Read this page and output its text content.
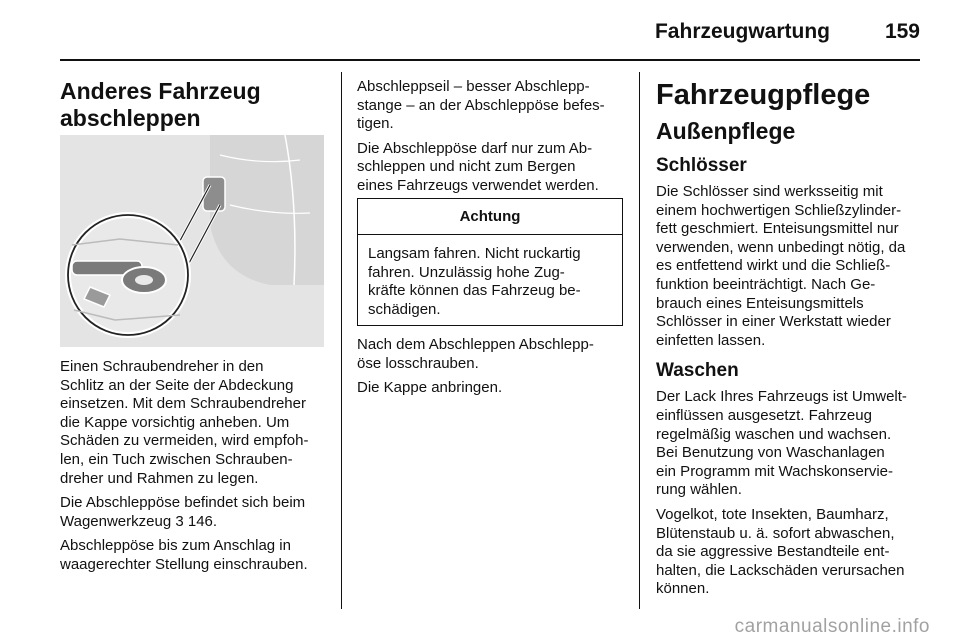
Fahrzeugwartung	159
Anderes Fahrzeug
abschleppen
Einen Schraubendreher in den
Schlitz an der Seite der Abdeckung
einsetzen. Mit dem Schraubendreher
die Kappe vorsichtig anheben. Um
Schäden zu vermeiden, wird empfoh-
len, ein Tuch zwischen Schrauben-
dreher und Rahmen zu legen.
Die Abschleppöse befindet sich beim
Wagenwerkzeug 3 146.
Abschleppöse bis zum Anschlag in
waagerechter Stellung einschrauben.
Abschleppseil – besser Abschlepp-
stange – an der Abschleppöse befes-
tigen.
Die Abschleppöse darf nur zum Ab-
schleppen und nicht zum Bergen
eines Fahrzeugs verwendet werden.
Achtung
Langsam fahren. Nicht ruckartig
fahren. Unzulässig hohe Zug-
kräfte können das Fahrzeug be-
schädigen.
Nach dem Abschleppen Abschlepp-
öse losschrauben.
Die Kappe anbringen.
Fahrzeugpflege
Außenpflege
Schlösser
Die Schlösser sind werksseitig mit
einem hochwertigen Schließzylinder-
fett geschmiert. Enteisungsmittel nur
verwenden, wenn unbedingt nötig, da
es entfettend wirkt und die Schließ-
funktion beeinträchtigt. Nach Ge-
brauch eines Enteisungsmittels
Schlösser in einer Werkstatt wieder
einfetten lassen.
Waschen
Der Lack Ihres Fahrzeugs ist Umwelt-
einflüssen ausgesetzt. Fahrzeug
regelmäßig waschen und wachsen.
Bei Benutzung von Waschanlagen
ein Programm mit Wachskonservie-
rung wählen.
Vogelkot, tote Insekten, Baumharz,
Blütenstaub u. ä. sofort abwaschen,
da sie aggressive Bestandteile ent-
halten, die Lackschäden verursachen
können.
carmanualsonline.info
